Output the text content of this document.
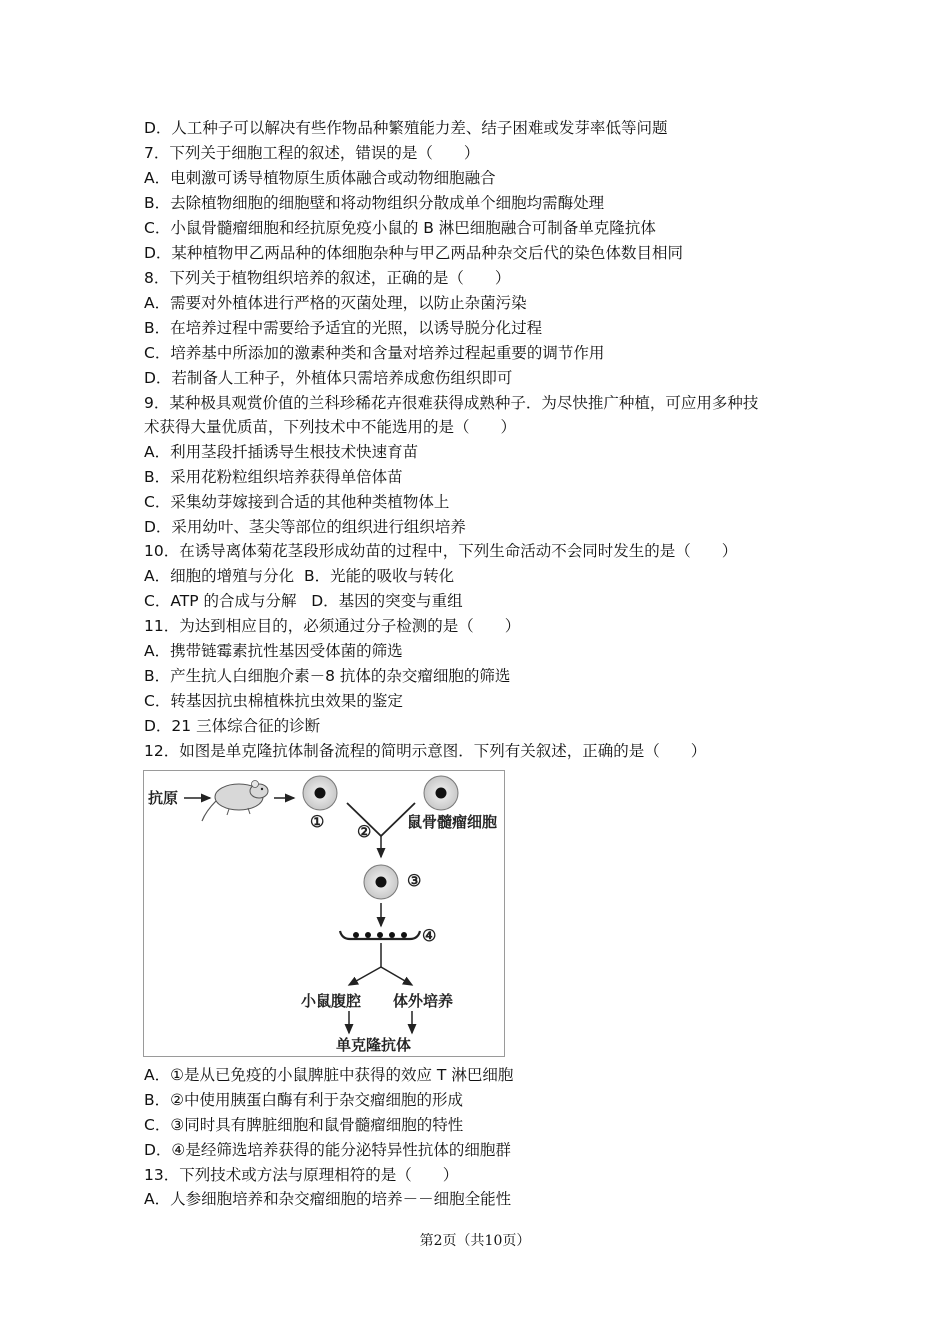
D．人工种子可以解决有些作物品种繁殖能力差、结子困难或发芽率低等问题
7．下列关于细胞工程的叙述，错误的是（　　）
A．电刺激可诱导植物原生质体融合或动物细胞融合
B．去除植物细胞的细胞壁和将动物组织分散成单个细胞均需酶处理
C．小鼠骨髓瘤细胞和经抗原免疫小鼠的 B 淋巴细胞融合可制备单克隆抗体
D．某种植物甲乙两品种的体细胞杂种与甲乙两品种杂交后代的染色体数目相同
8．下列关于植物组织培养的叙述，正确的是（　　）
A．需要对外植体进行严格的灭菌处理，以防止杂菌污染
B．在培养过程中需要给予适宜的光照，以诱导脱分化过程
C．培养基中所添加的激素种类和含量对培养过程起重要的调节作用
D．若制备人工种子，外植体只需培养成愈伤组织即可
9．某种极具观赏价值的兰科珍稀花卉很难获得成熟种子．为尽快推广种植，可应用多种技
术获得大量优质苗，下列技术中不能选用的是（　　）
A．利用茎段扦插诱导生根技术快速育苗
B．采用花粉粒组织培养获得单倍体苗
C．采集幼芽嫁接到合适的其他种类植物体上
D．采用幼叶、茎尖等部位的组织进行组织培养
10．在诱导离体菊花茎段形成幼苗的过程中，下列生命活动不会同时发生的是（　　）
A．细胞的增殖与分化  B．光能的吸收与转化
C．ATP 的合成与分解   D．基因的突变与重组
11．为达到相应目的，必须通过分子检测的是（　　）
A．携带链霉素抗性基因受体菌的筛选
B．产生抗人白细胞介素－8 抗体的杂交瘤细胞的筛选
C．转基因抗虫棉植株抗虫效果的鉴定
D．21 三体综合征的诊断
12．如图是单克隆抗体制备流程的简明示意图．下列有关叙述，正确的是（　　）
抗原
①
② 鼠骨髓瘤细胞
③
④
小鼠腹腔 体外培养
单克隆抗体
A．①是从已免疫的小鼠脾脏中获得的效应 T 淋巴细胞
B．②中使用胰蛋白酶有利于杂交瘤细胞的形成
C．③同时具有脾脏细胞和鼠骨髓瘤细胞的特性
D．④是经筛选培养获得的能分泌特异性抗体的细胞群
13．下列技术或方法与原理相符的是（　　）
A．人参细胞培养和杂交瘤细胞的培养－－细胞全能性
第2页（共10页）
